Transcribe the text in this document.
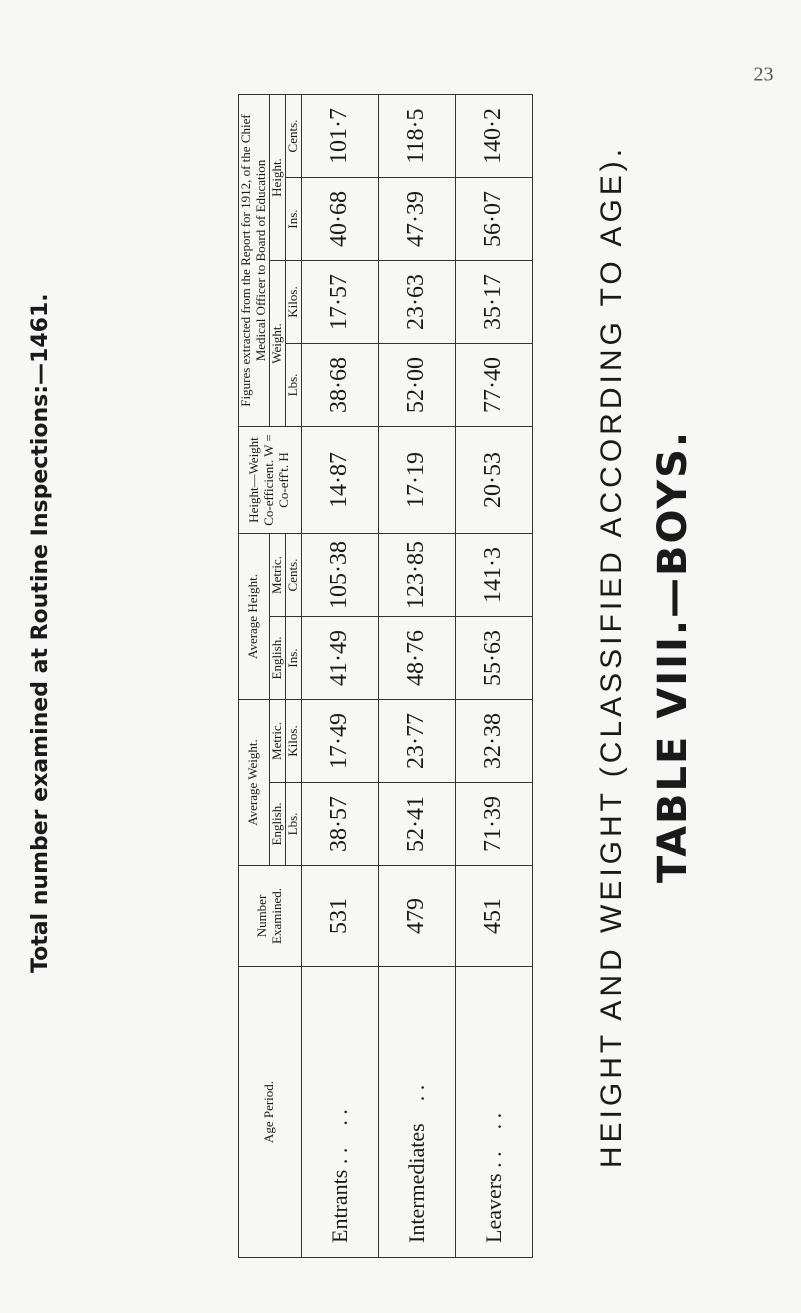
23
TABLE VIII.—BOYS.
HEIGHT AND WEIGHT (CLASSIFIED ACCORDING TO AGE).
Age Period.	Number Examined.	Average Weight.		Average Height.		Height—Weight Co-efficient. W = Co-eff't. H	Figures extracted from the Report for 1912, of the Chief Medical Officer to Board of Education			
		English.	Metric.	English.	Metric.		Weight.		Height.	
		Lbs.	Kilos.	Ins.	Cents.		Lbs.	Kilos.	Ins.	Cents.

Entrants . .    . .	531	38·57	17·49	41·49	105·38	14·87	38·68	17·57	40·68	101·7
Intermediates    . .	479	52·41	23·77	48·76	123·85	17·19	52·00	23·63	47·39	118·5
Leavers . .    . .	451	71·39	32·38	55·63	141·3	20·53	77·40	35·17	56·07	140·2
Total number examined at Routine Inspections:—1461.
